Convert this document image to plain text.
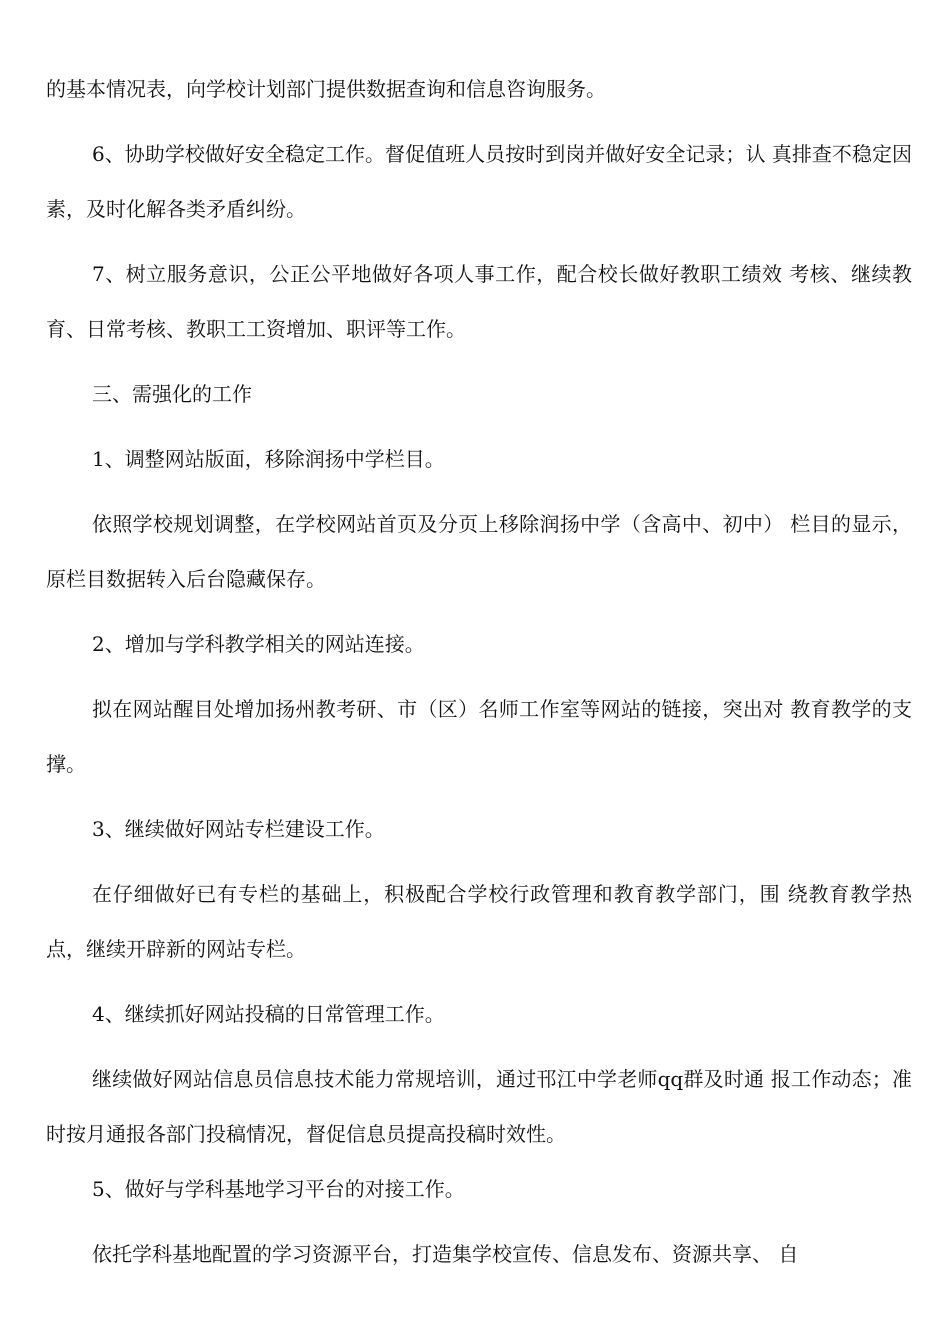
的基本情况表，向学校计划部门提供数据查询和信息咨询服务。

6、协助学校做好安全稳定工作。督促值班人员按时到岗并做好安全记录；认 真排查不稳定因素，及时化解各类矛盾纠纷。

7、树立服务意识，公正公平地做好各项人事工作，配合校长做好教职工绩效 考核、继续教育、日常考核、教职工工资增加、职评等工作。

三、需强化的工作

1、调整网站版面，移除润扬中学栏目。

依照学校规划调整，在学校网站首页及分页上移除润扬中学（含高中、初中） 栏目的显示，原栏目数据转入后台隐藏保存。

2、增加与学科教学相关的网站连接。

拟在网站醒目处增加扬州教考研、市（区）名师工作室等网站的链接，突出对 教育教学的支撑。

3、继续做好网站专栏建设工作。

在仔细做好已有专栏的基础上，积极配合学校行政管理和教育教学部门，围 绕教育教学热点，继续开辟新的网站专栏。

4、继续抓好网站投稿的日常管理工作。

继续做好网站信息员信息技术能力常规培训，通过邗江中学老师qq群及时通 报工作动态；准时按月通报各部门投稿情况，督促信息员提高投稿时效性。

5、做好与学科基地学习平台的对接工作。

依托学科基地配置的学习资源平台，打造集学校宣传、信息发布、资源共享、 自
